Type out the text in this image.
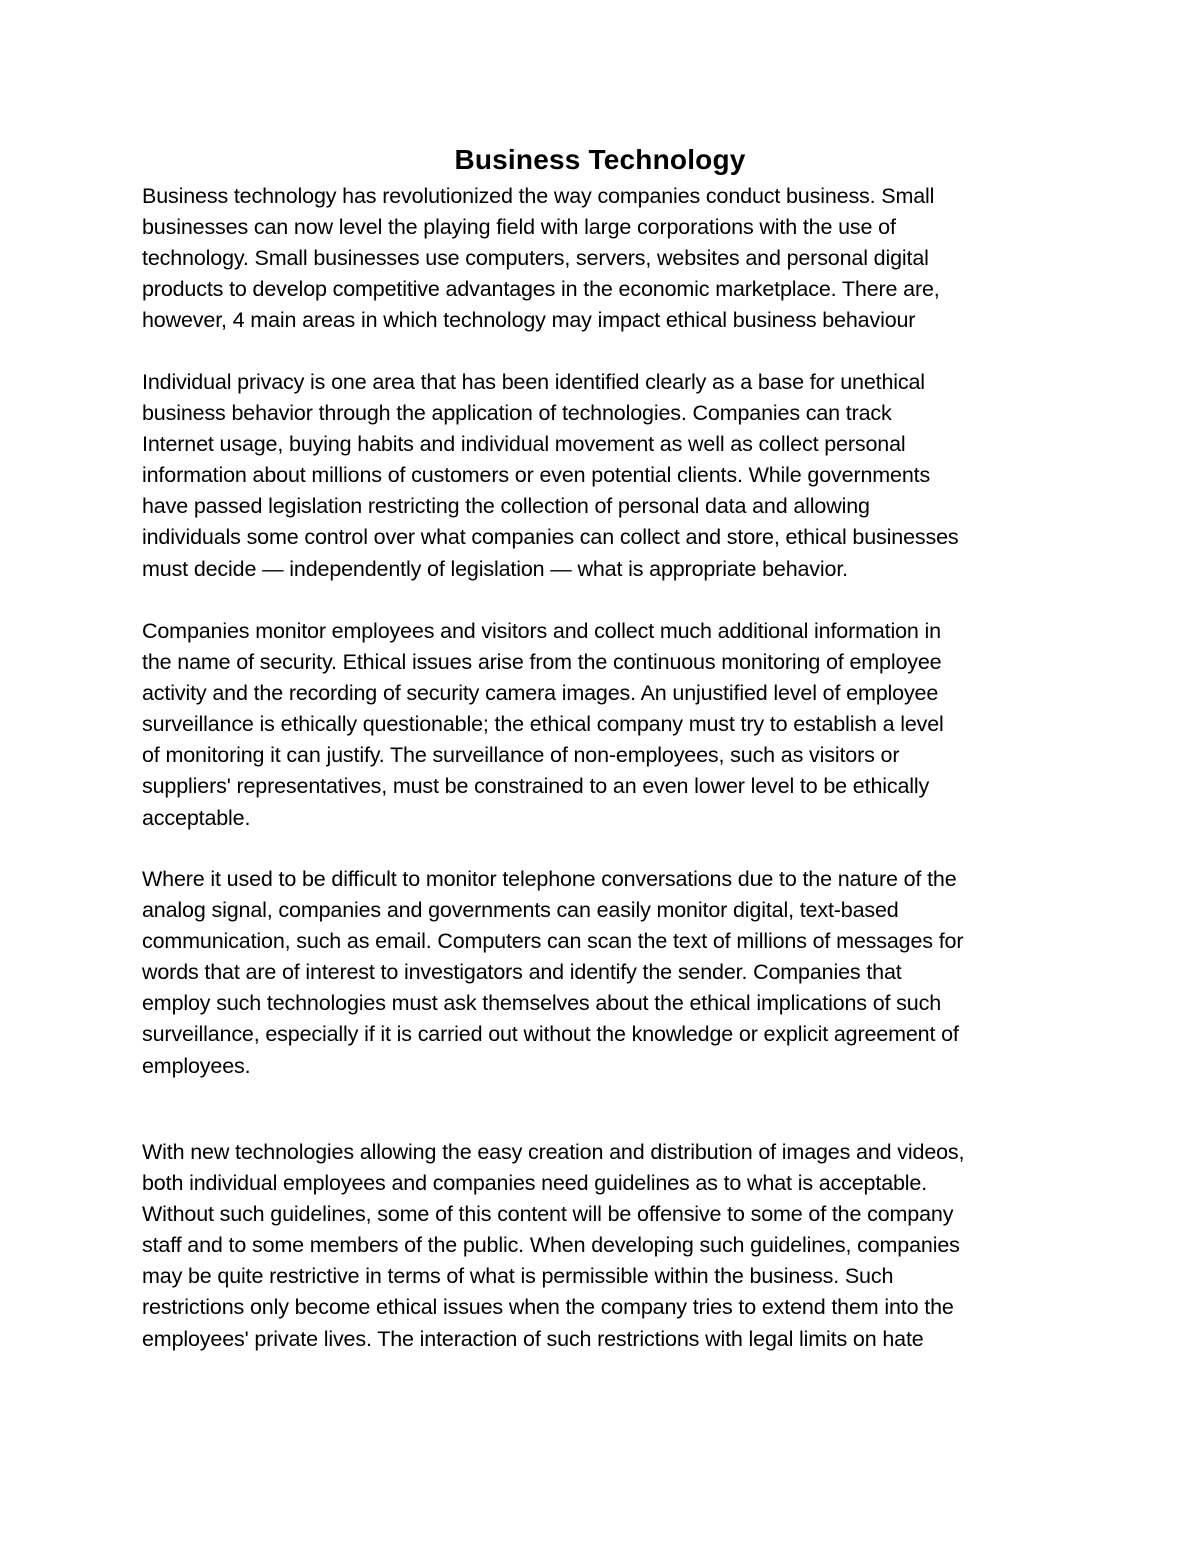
Business Technology
Business technology has revolutionized the way companies conduct business. Small
businesses can now level the playing field with large corporations with the use of
technology. Small businesses use computers, servers, websites and personal digital
products to develop competitive advantages in the economic marketplace. There are,
however, 4 main areas in which technology may impact ethical business behaviour
Individual privacy is one area that has been identified clearly as a base for unethical
business behavior through the application of technologies. Companies can track
Internet usage, buying habits and individual movement as well as collect personal
information about millions of customers or even potential clients. While governments
have passed legislation restricting the collection of personal data and allowing
individuals some control over what companies can collect and store, ethical businesses
must decide — independently of legislation — what is appropriate behavior.
Companies monitor employees and visitors and collect much additional information in
the name of security. Ethical issues arise from the continuous monitoring of employee
activity and the recording of security camera images. An unjustified level of employee
surveillance is ethically questionable; the ethical company must try to establish a level
of monitoring it can justify. The surveillance of non-employees, such as visitors or
suppliers' representatives, must be constrained to an even lower level to be ethically
acceptable.
Where it used to be difficult to monitor telephone conversations due to the nature of the
analog signal, companies and governments can easily monitor digital, text-based
communication, such as email. Computers can scan the text of millions of messages for
words that are of interest to investigators and identify the sender. Companies that
employ such technologies must ask themselves about the ethical implications of such
surveillance, especially if it is carried out without the knowledge or explicit agreement of
employees.
With new technologies allowing the easy creation and distribution of images and videos,
both individual employees and companies need guidelines as to what is acceptable.
Without such guidelines, some of this content will be offensive to some of the company
staff and to some members of the public. When developing such guidelines, companies
may be quite restrictive in terms of what is permissible within the business. Such
restrictions only become ethical issues when the company tries to extend them into the
employees' private lives. The interaction of such restrictions with legal limits on hate
